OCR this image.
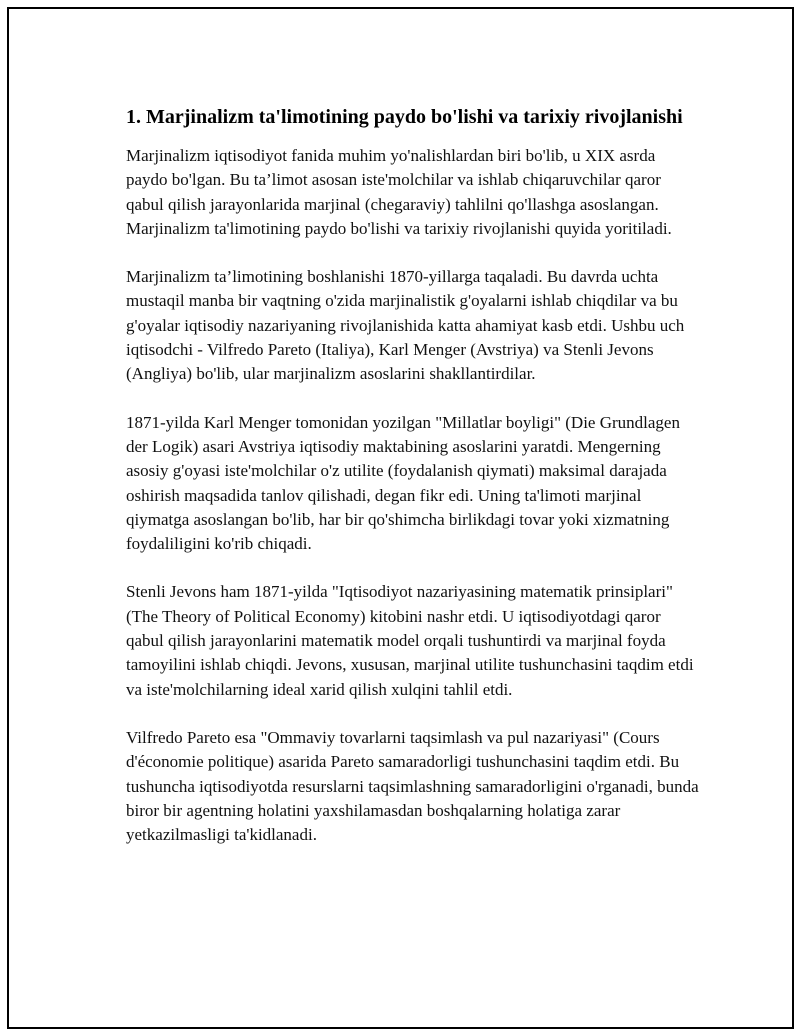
1. Marjinalizm ta'limotining paydo bo'lishi va tarixiy rivojlanishi

Marjinalizm iqtisodiyot fanida muhim yo'nalishlardan biri bo'lib, u XIX asrda paydo bo'lgan. Bu ta’limot asosan iste'molchilar va ishlab chiqaruvchilar qaror qabul qilish jarayonlarida marjinal (chegaraviy) tahlilni qo'llashga asoslangan. Marjinalizm ta'limotining paydo bo'lishi va tarixiy rivojlanishi quyida yoritiladi.

Marjinalizm ta’limotining boshlanishi 1870-yillarga taqaladi. Bu davrda uchta mustaqil manba bir vaqtning o'zida marjinalistik g'oyalarni ishlab chiqdilar va bu g'oyalar iqtisodiy nazariyaning rivojlanishida katta ahamiyat kasb etdi. Ushbu uch iqtisodchi - Vilfredo Pareto (Italiya), Karl Menger (Avstriya) va Stenli Jevons (Angliya) bo'lib, ular marjinalizm asoslarini shakllantirdilar.

1871-yilda Karl Menger tomonidan yozilgan "Millatlar boyligi" (Die Grundlagen der Logik) asari Avstriya iqtisodiy maktabining asoslarini yaratdi. Mengerning asosiy g'oyasi iste'molchilar o'z utilite (foydalanish qiymati) maksimal darajada oshirish maqsadida tanlov qilishadi, degan fikr edi. Uning ta'limoti marjinal qiymatga asoslangan bo'lib, har bir qo'shimcha birlikdagi tovar yoki xizmatning foydaliligini ko'rib chiqadi.

Stenli Jevons ham 1871-yilda "Iqtisodiyot nazariyasining matematik prinsiplari" (The Theory of Political Economy) kitobini nashr etdi. U iqtisodiyotdagi qaror qabul qilish jarayonlarini matematik model orqali tushuntirdi va marjinal foyda tamoyilini ishlab chiqdi. Jevons, xususan, marjinal utilite tushunchasini taqdim etdi va iste'molchilarning ideal xarid qilish xulqini tahlil etdi.

Vilfredo Pareto esa "Ommaviy tovarlarni taqsimlash va pul nazariyasi" (Cours d'économie politique) asarida Pareto samaradorligi tushunchasini taqdim etdi. Bu tushuncha iqtisodiyotda resurslarni taqsimlashning samaradorligini o'rganadi, bunda biror bir agentning holatini yaxshilamasdan boshqalarning holatiga zarar yetkazilmasligi ta'kidlanadi.
